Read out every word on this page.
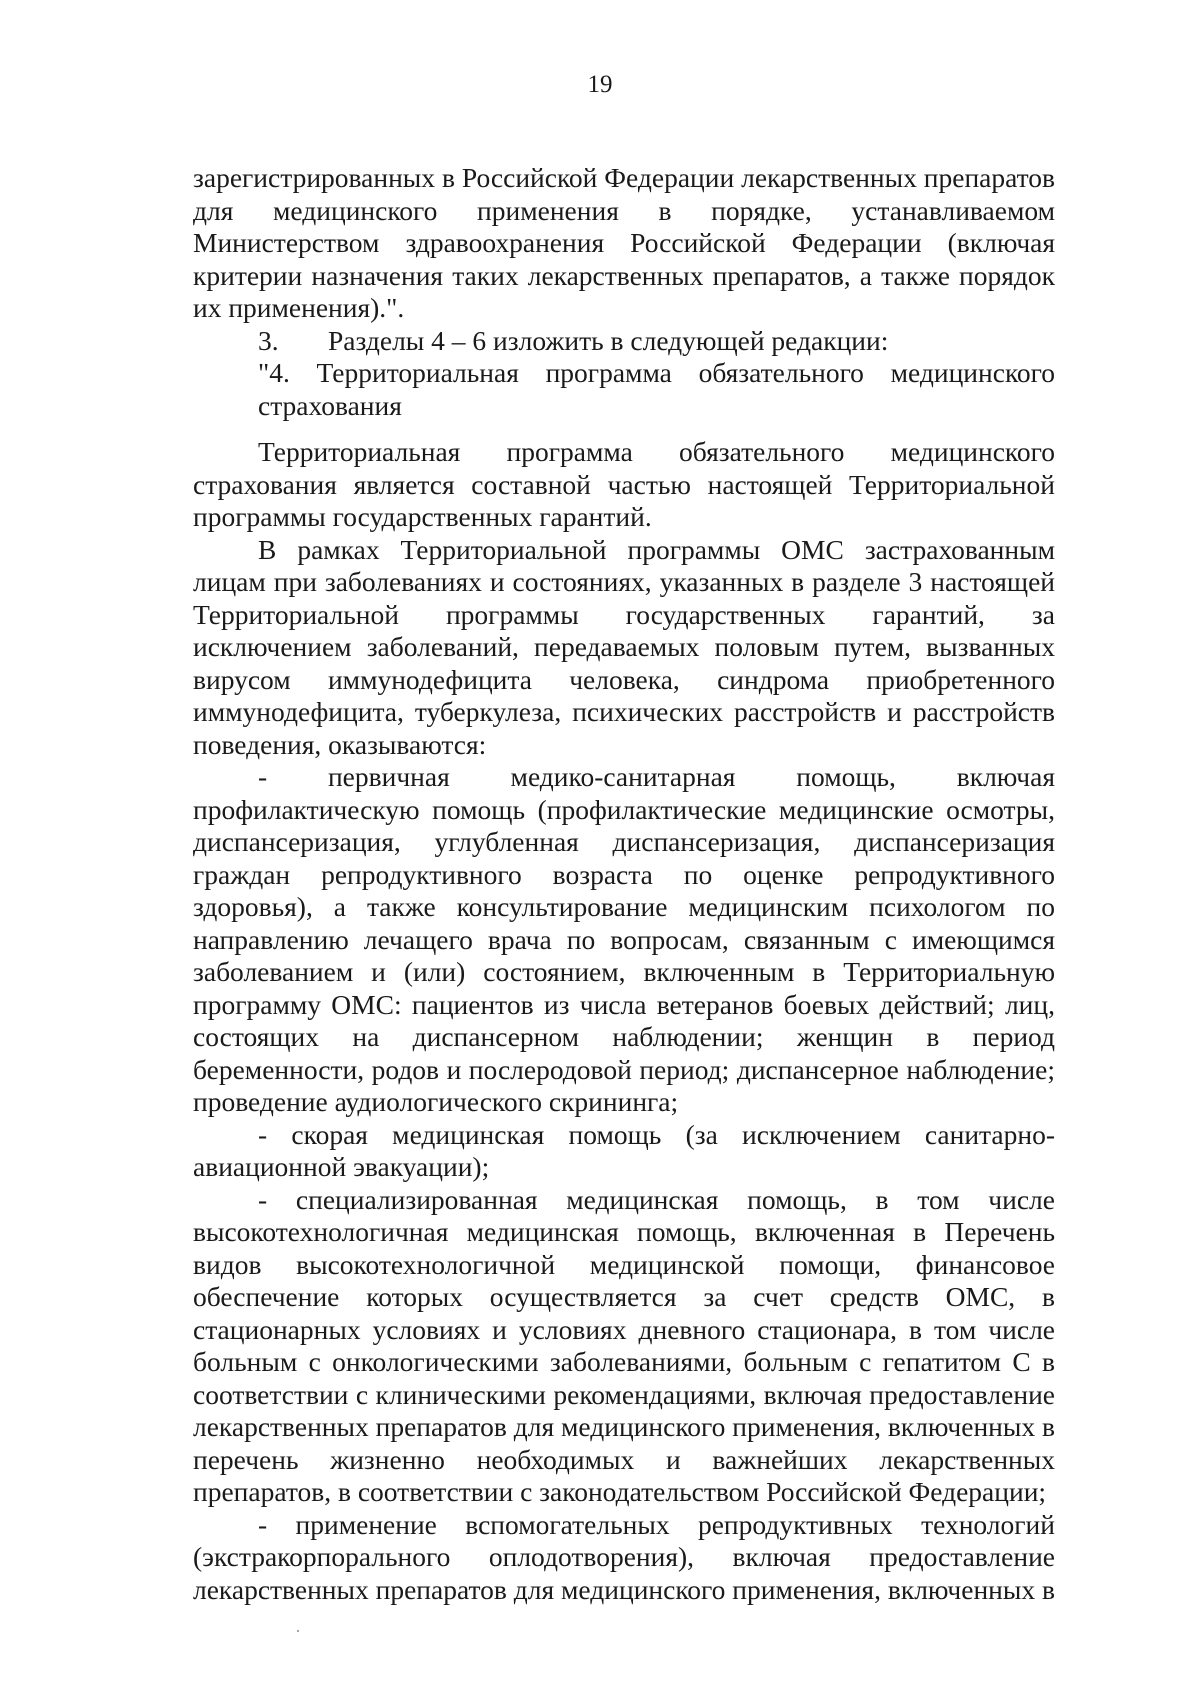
19

зарегистрированных в Российской Федерации лекарственных препаратов для медицинского применения в порядке, устанавливаемом Министерством здравоохранения Российской Федерации (включая критерии назначения таких лекарственных препаратов, а также порядок их применения).".

3.	Разделы 4 – 6 изложить в следующей редакции:

"4. Территориальная программа обязательного медицинского страхования

Территориальная программа обязательного медицинского страхования является составной частью настоящей Территориальной программы государственных гарантий.

В рамках Территориальной программы ОМС застрахованным лицам при заболеваниях и состояниях, указанных в разделе 3 настоящей Территориальной программы государственных гарантий, за исключением заболеваний, передаваемых половым путем, вызванных вирусом иммунодефицита человека, синдрома приобретенного иммунодефицита, туберкулеза, психических расстройств и расстройств поведения, оказываются:

- первичная медико-санитарная помощь, включая профилактическую помощь (профилактические медицинские осмотры, диспансеризация, углубленная диспансеризация, диспансеризация граждан репродуктивного возраста по оценке репродуктивного здоровья), а также консультирование медицинским психологом по направлению лечащего врача по вопросам, связанным с имеющимся заболеванием и (или) состоянием, включенным в Территориальную программу ОМС: пациентов из числа ветеранов боевых действий; лиц, состоящих на диспансерном наблюдении; женщин в период беременности, родов и послеродовой период; диспансерное наблюдение; проведение аудиологического скрининга;

- скорая медицинская помощь (за исключением санитарно-авиационной эвакуации);

- специализированная медицинская помощь, в том числе высокотехнологичная медицинская помощь, включенная в Перечень видов высокотехнологичной медицинской помощи, финансовое обеспечение которых осуществляется за счет средств ОМС, в стационарных условиях и условиях дневного стационара, в том числе больным с онкологическими заболеваниями, больным с гепатитом С в соответствии с клиническими рекомендациями, включая предоставление лекарственных препаратов для медицинского применения, включенных в перечень жизненно необходимых и важнейших лекарственных препаратов, в соответствии с законодательством Российской Федерации;

- применение вспомогательных репродуктивных технологий (экстракорпорального оплодотворения), включая предоставление лекарственных препаратов для медицинского применения, включенных в
